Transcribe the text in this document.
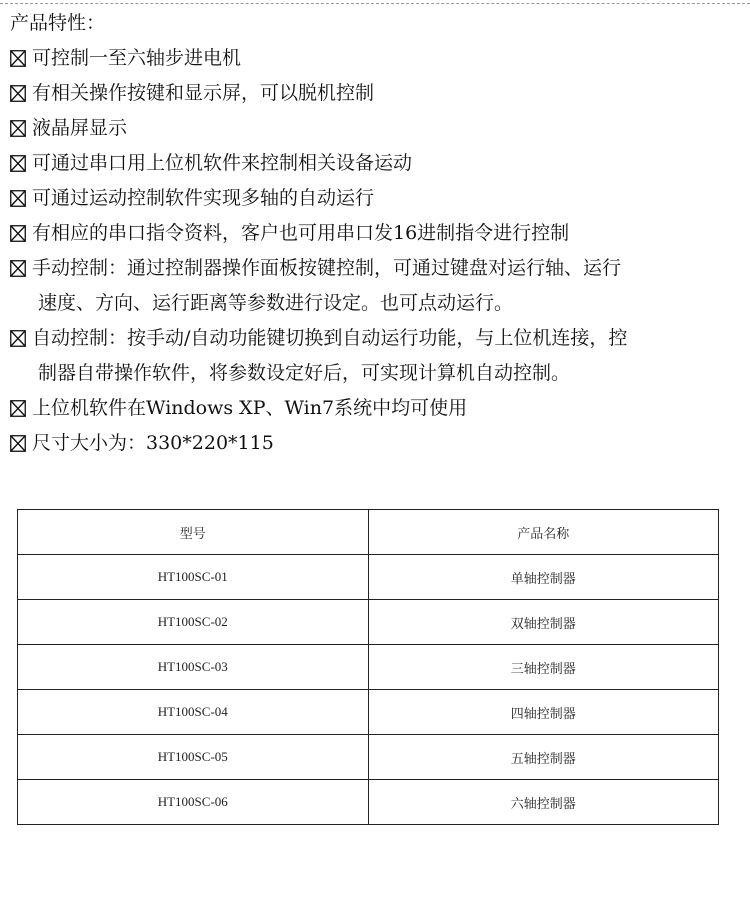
产品特性：
可控制一至六轴步进电机
有相关操作按键和显示屏，可以脱机控制
液晶屏显示
可通过串口用上位机软件来控制相关设备运动
可通过运动控制软件实现多轴的自动运行
有相应的串口指令资料，客户也可用串口发16进制指令进行控制
手动控制：通过控制器操作面板按键控制，可通过键盘对运行轴、运行
速度、方向、运行距离等参数进行设定。也可点动运行。
自动控制：按手动/自动功能键切换到自动运行功能，与上位机连接，控
制器自带操作软件，将参数设定好后，可实现计算机自动控制。
上位机软件在Windows XP、Win7系统中均可使用
尺寸大小为：330*220*115
型号	产品名称
HT100SC-01	单轴控制器
HT100SC-02	双轴控制器
HT100SC-03	三轴控制器
HT100SC-04	四轴控制器
HT100SC-05	五轴控制器
HT100SC-06	六轴控制器
